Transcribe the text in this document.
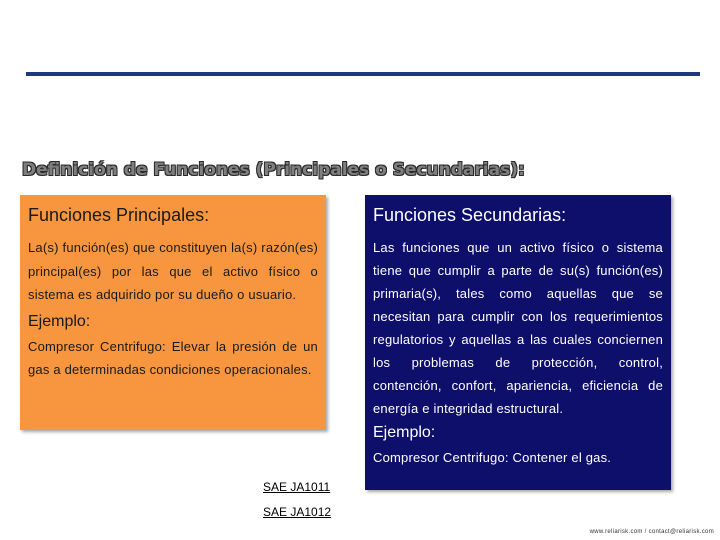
Definición de Funciones (Principales o Secundarias):
Funciones Principales:

La(s) función(es) que constituyen la(s) razón(es) principal(es) por las que el activo físico o sistema es adquirido por su dueño o usuario.

Ejemplo:

Compresor Centrifugo: Elevar la presión de un gas a determinadas condiciones operacionales.

Funciones Secundarias:

Las funciones que un activo físico o sistema tiene que cumplir a parte de su(s) función(es) primaria(s), tales como aquellas que se necesitan para cumplir con los requerimientos regulatorios y aquellas a las cuales conciernen los problemas de protección, control, contención, confort, apariencia, eficiencia de energía e integridad estructural.

Ejemplo:

Compresor Centrifugo: Contener el gas.

SAE JA1011
SAE JA1012
www.reliarisk.com / contact@reliarisk.com
